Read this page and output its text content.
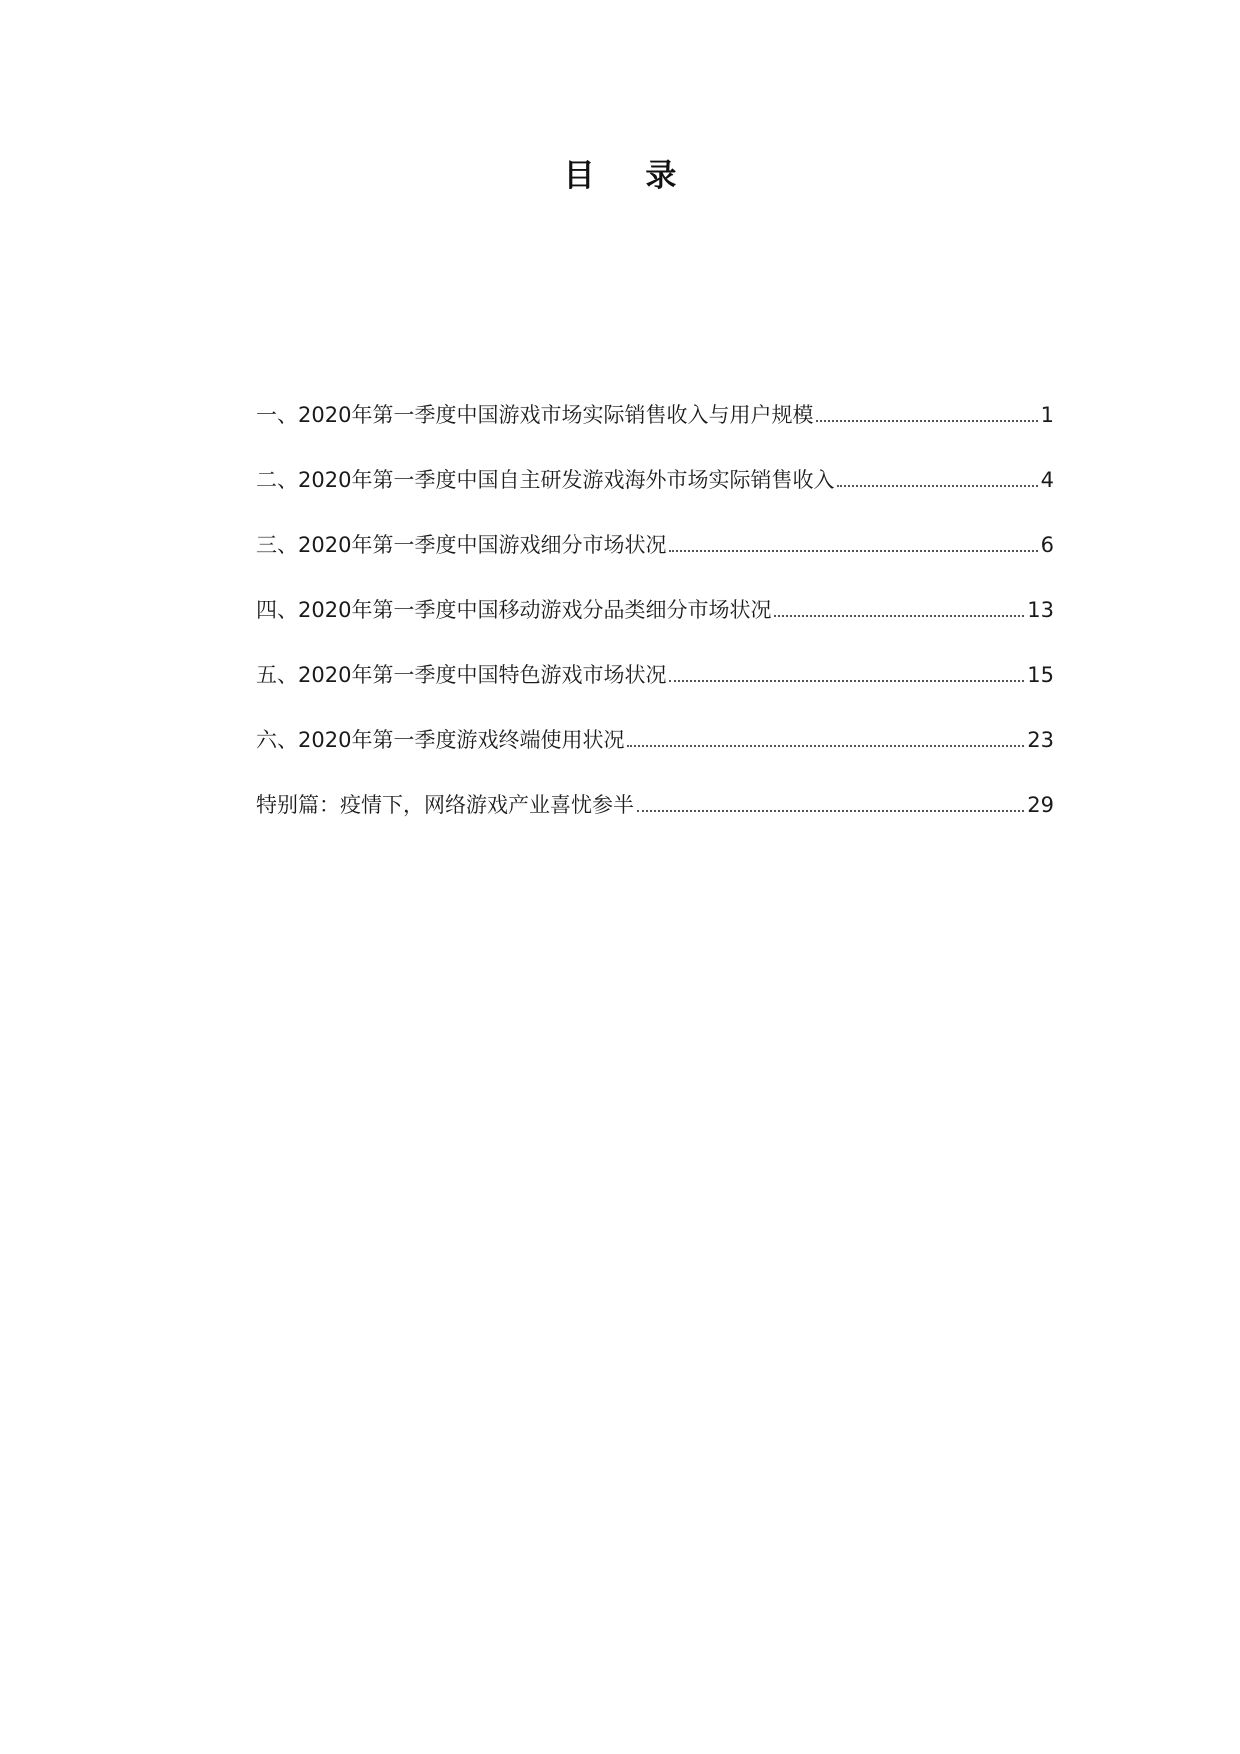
目 录
一、2020年第一季度中国游戏市场实际销售收入与用户规模	1
二、2020年第一季度中国自主研发游戏海外市场实际销售收入	4
三、2020年第一季度中国游戏细分市场状况	6
四、2020年第一季度中国移动游戏分品类细分市场状况	13
五、2020年第一季度中国特色游戏市场状况	15
六、2020年第一季度游戏终端使用状况	23
特别篇：疫情下，网络游戏产业喜忧参半	29
